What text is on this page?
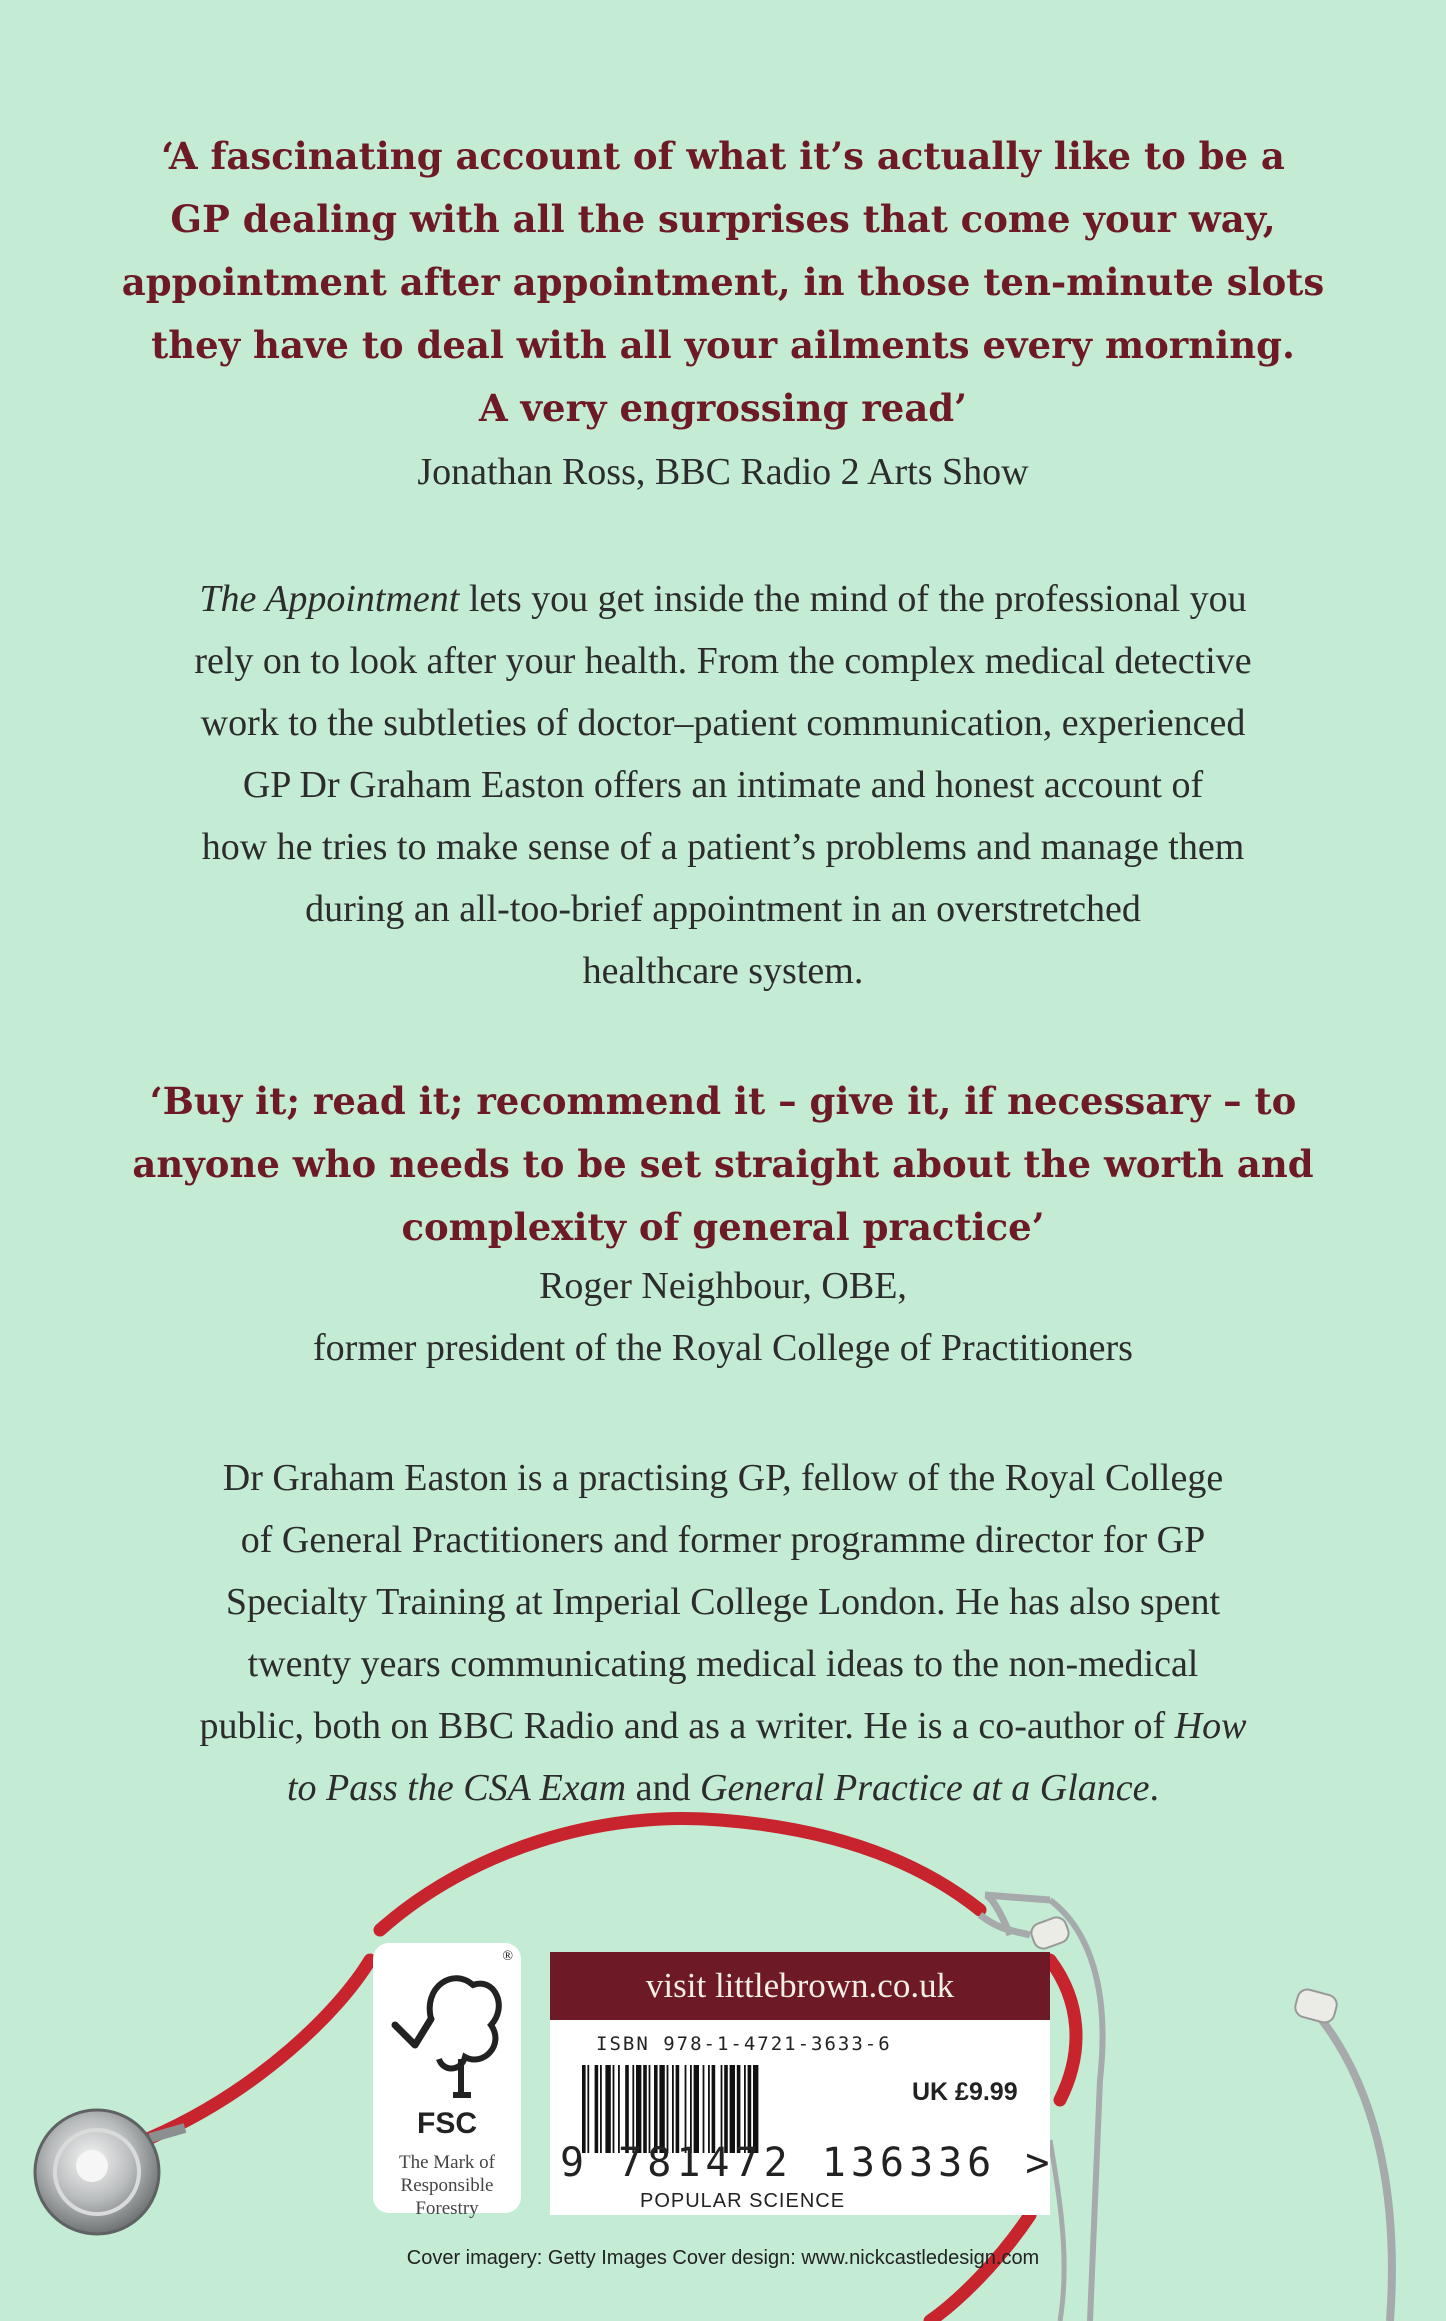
‘A fascinating account of what it’s actually like to be a
GP dealing with all the surprises that come your way,
appointment after appointment, in those ten-minute slots
they have to deal with all your ailments every morning.
A very engrossing read’
Jonathan Ross, BBC Radio 2 Arts Show
The Appointment lets you get inside the mind of the professional you
rely on to look after your health. From the complex medical detective
work to the subtleties of doctor–patient communication, experienced
GP Dr Graham Easton offers an intimate and honest account of
how he tries to make sense of a patient’s problems and manage them
during an all-too-brief appointment in an overstretched
healthcare system.
‘Buy it; read it; recommend it – give it, if necessary – to
anyone who needs to be set straight about the worth and
complexity of general practice’
Roger Neighbour, OBE,
former president of the Royal College of Practitioners
Dr Graham Easton is a practising GP, fellow of the Royal College
of General Practitioners and former programme director for GP
Specialty Training at Imperial College London. He has also spent
twenty years communicating medical ideas to the non-medical
public, both on BBC Radio and as a writer. He is a co-author of How
to Pass the CSA Exam and General Practice at a Glance.
®
FSC
The Mark of
Responsible
Forestry
visit littlebrown.co.uk
ISBN 978-1-4721-3633-6
UK £9.99
9 781472 136336 >
POPULAR SCIENCE
Cover imagery: Getty Images Cover design: www.nickcastledesign.com
